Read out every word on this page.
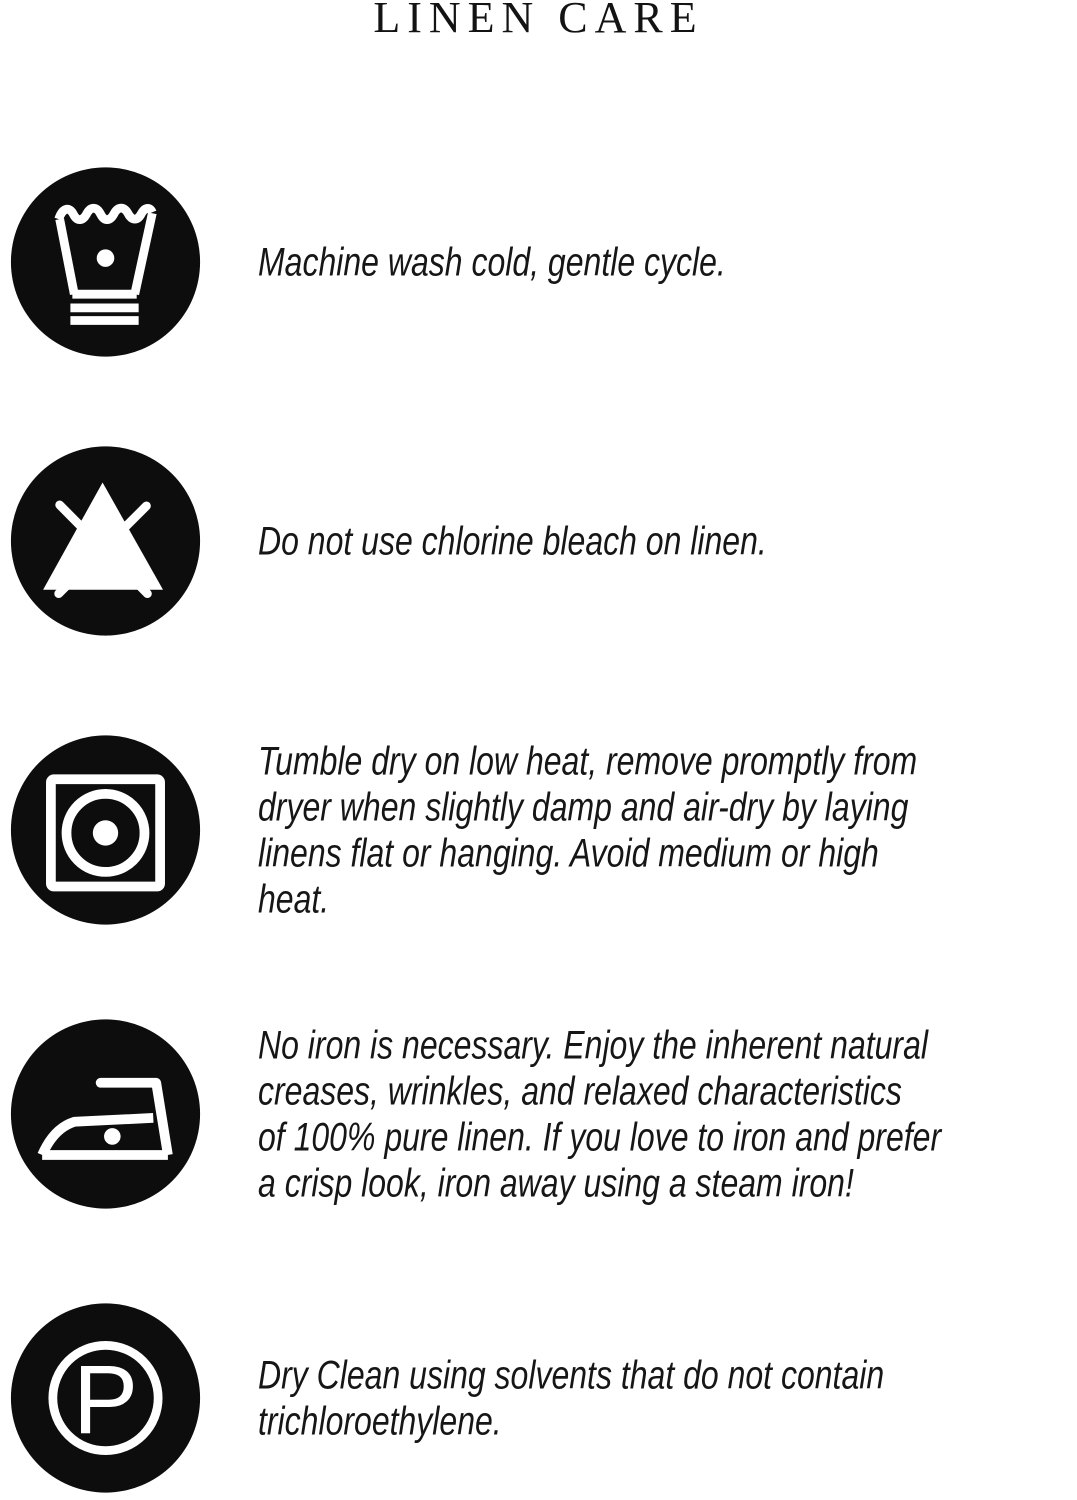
LINEN CARE
Machine wash cold, gentle cycle.
Do not use chlorine bleach on linen.
Tumble dry on low heat, remove promptly from
dryer when slightly damp and air-dry by laying
linens flat or hanging. Avoid medium or high
heat.
No iron is necessary. Enjoy the inherent natural
creases, wrinkles, and relaxed characteristics
of 100% pure linen. If you love to iron and prefer
a crisp look, iron away using a steam iron!
P	Dry Clean using solvents that do not contain
trichloroethylene.
